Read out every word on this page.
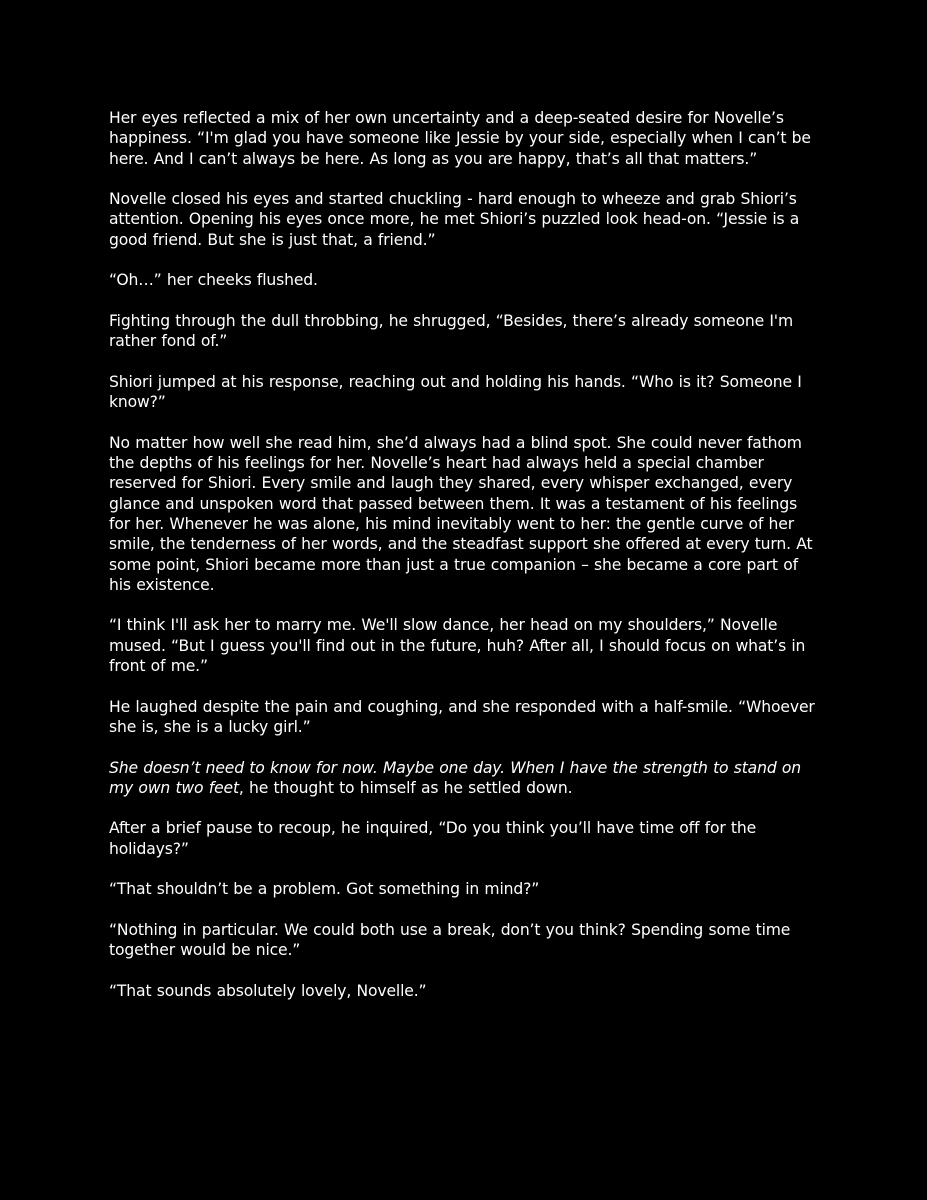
Her eyes reflected a mix of her own uncertainty and a deep-seated desire for Novelle’s happiness. “I'm glad you have someone like Jessie by your side, especially when I can’t be here. And I can’t always be here. As long as you are happy, that’s all that matters.”

Novelle closed his eyes and started chuckling - hard enough to wheeze and grab Shiori’s attention. Opening his eyes once more, he met Shiori’s puzzled look head-on. “Jessie is a good friend. But she is just that, a friend.”

“Oh…” her cheeks flushed.

Fighting through the dull throbbing, he shrugged, “Besides, there’s already someone I'm rather fond of.”

Shiori jumped at his response, reaching out and holding his hands. “Who is it? Someone I know?”

No matter how well she read him, she’d always had a blind spot. She could never fathom the depths of his feelings for her. Novelle’s heart had always held a special chamber reserved for Shiori. Every smile and laugh they shared, every whisper exchanged, every glance and unspoken word that passed between them. It was a testament of his feelings for her. Whenever he was alone, his mind inevitably went to her: the gentle curve of her smile, the tenderness of her words, and the steadfast support she offered at every turn. At some point, Shiori became more than just a true companion – she became a core part of his existence.

“I think I'll ask her to marry me. We'll slow dance, her head on my shoulders,” Novelle mused. “But I guess you'll find out in the future, huh? After all, I should focus on what’s in front of me.”

He laughed despite the pain and coughing, and she responded with a half-smile. “Whoever she is, she is a lucky girl.”

She doesn’t need to know for now. Maybe one day. When I have the strength to stand on my own two feet, he thought to himself as he settled down.

After a brief pause to recoup, he inquired, “Do you think you’ll have time off for the holidays?”

“That shouldn’t be a problem. Got something in mind?”

“Nothing in particular. We could both use a break, don’t you think? Spending some time together would be nice.”

“That sounds absolutely lovely, Novelle.”
